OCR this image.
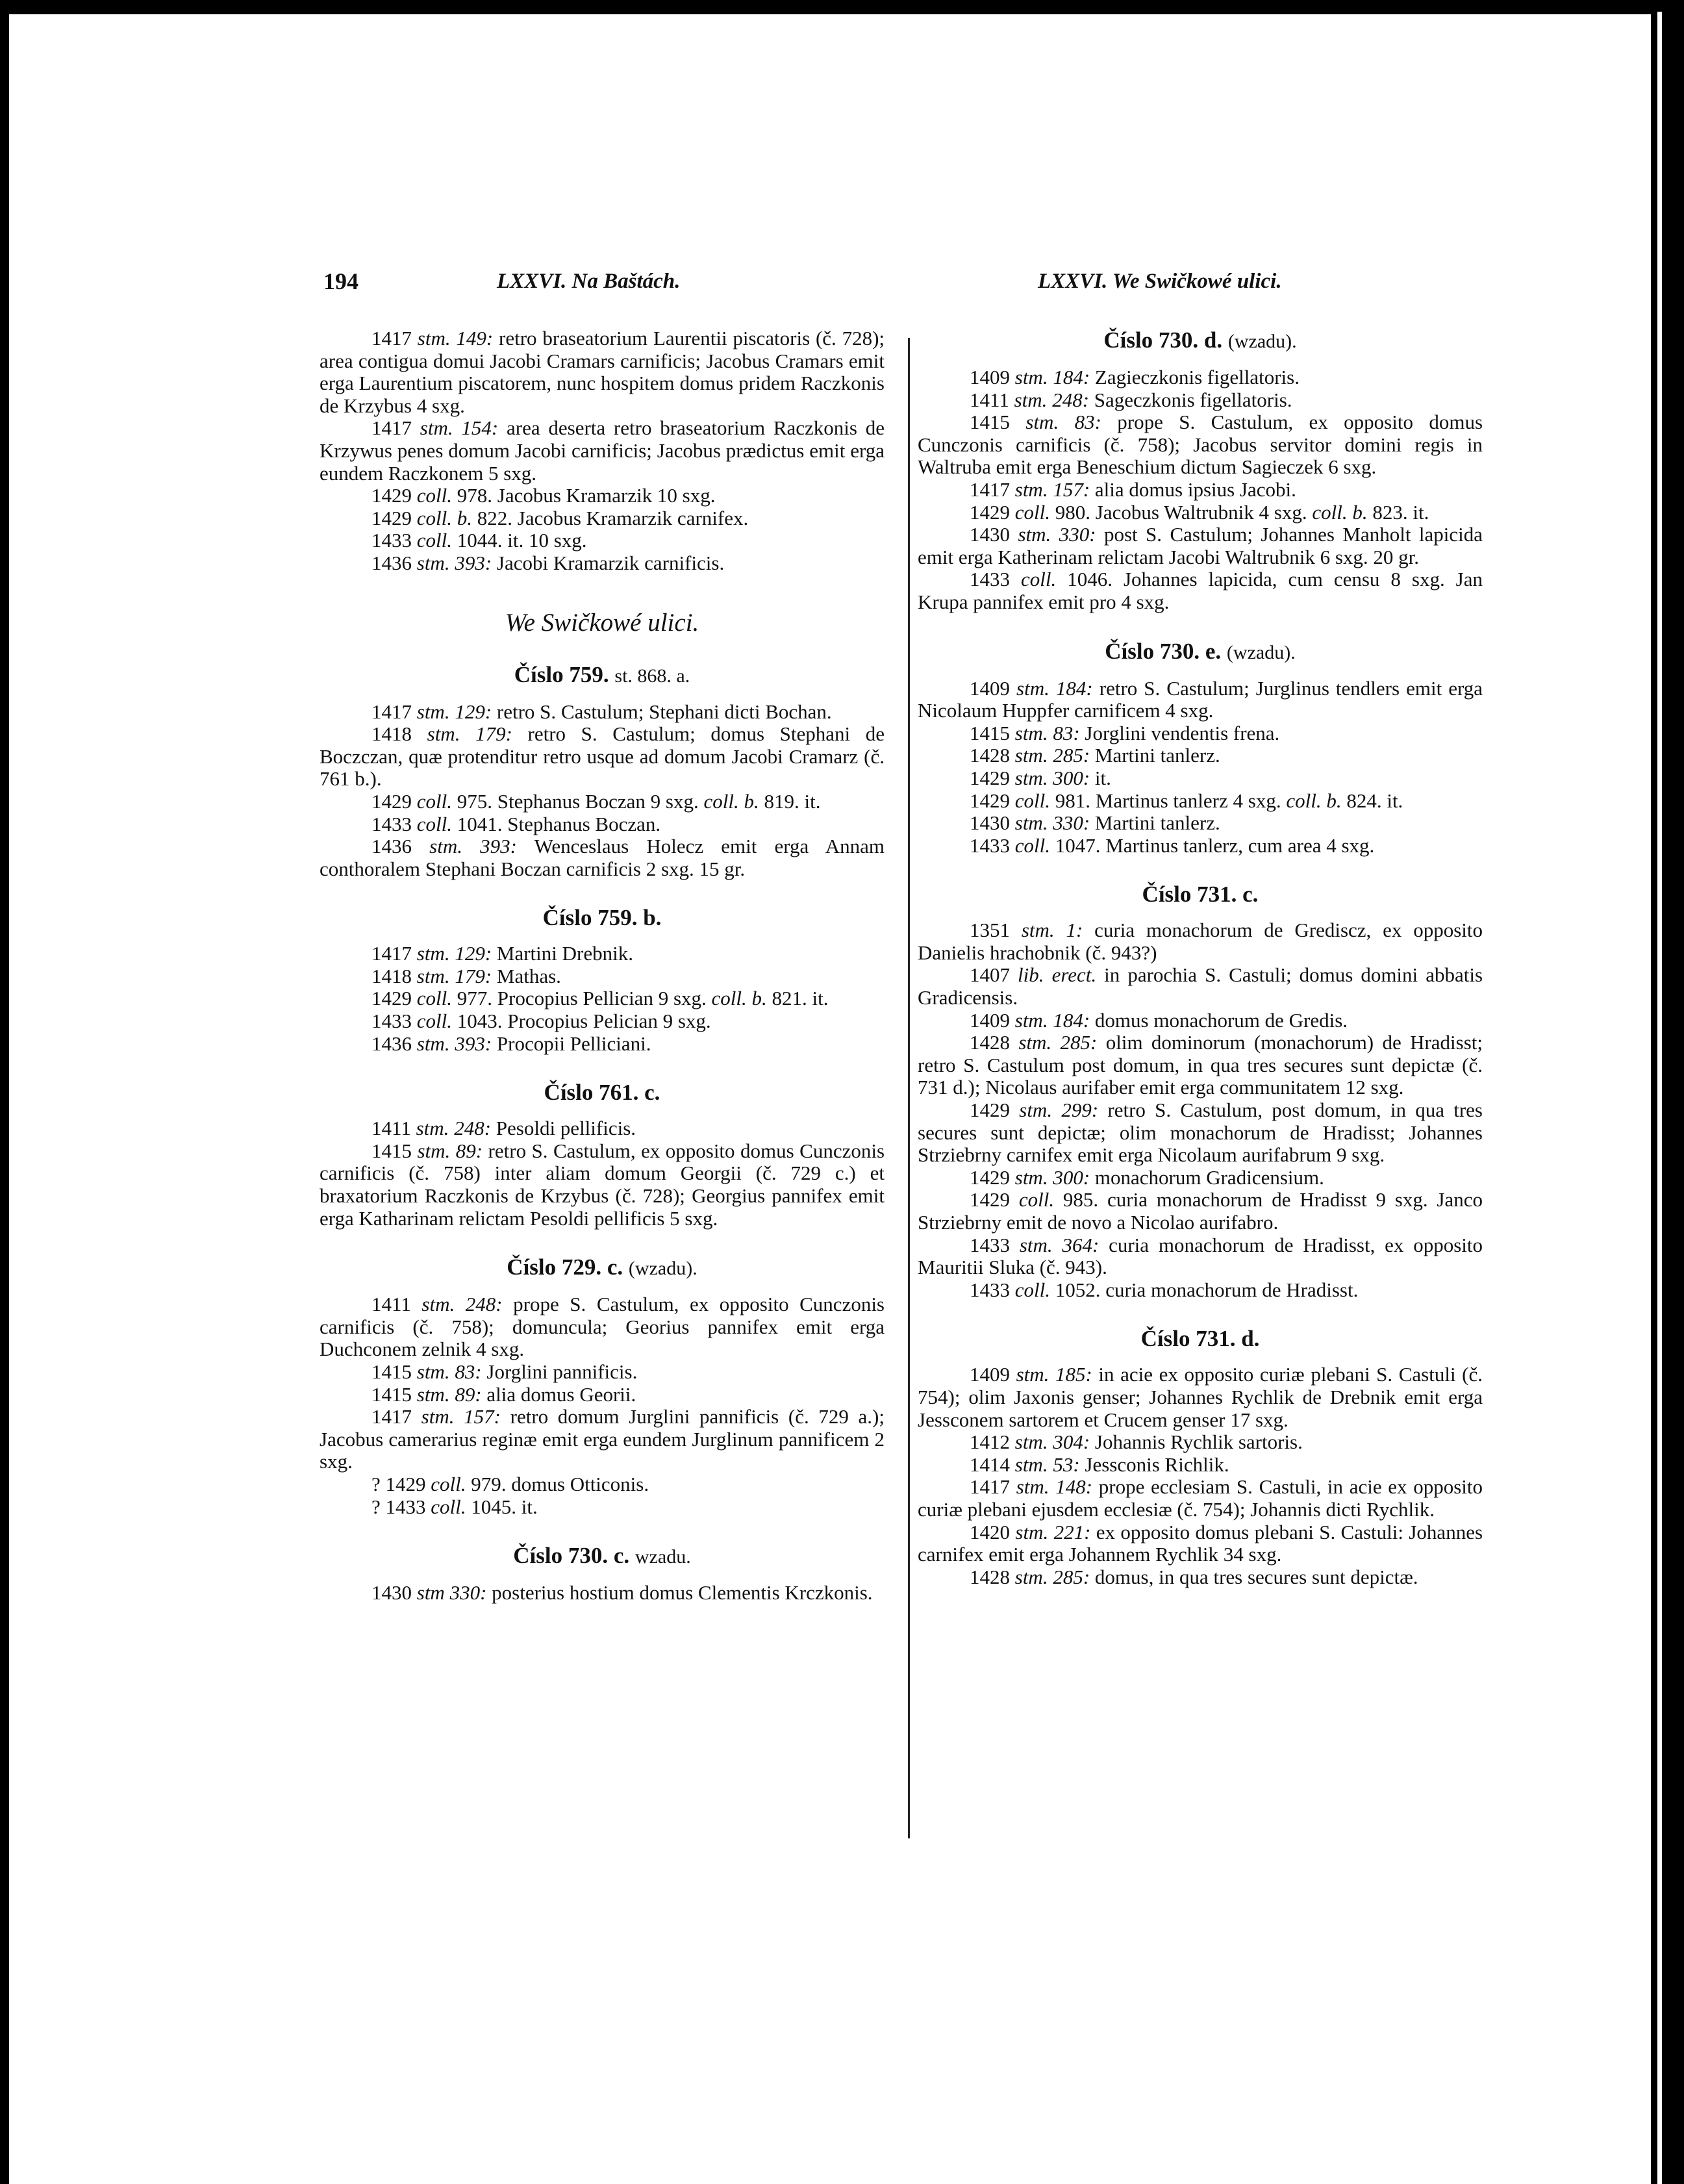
194	LXXVI. Na Baštách.	LXXVI. We Swičkowé ulici.

1417 stm. 149: retro braseatorium Laurentii piscatoris (č. 728); area contigua domui Jacobi Cramars carnificis; Jacobus Cramars emit erga Laurentium piscatorem, nunc hospitem domus pridem Raczkonis de Krzybus 4 sxg.

1417 stm. 154: area deserta retro braseatorium Raczkonis de Krzywus penes domum Jacobi carnificis; Jacobus prædictus emit erga eundem Raczkonem 5 sxg.

1429 coll. 978. Jacobus Kramarzik 10 sxg.

1429 coll. b. 822. Jacobus Kramarzik carnifex.

1433 coll. 1044. it. 10 sxg.

1436 stm. 393: Jacobi Kramarzik carnificis.

We Swičkowé ulici.
Číslo 759. st. 868. a.

1417 stm. 129: retro S. Castulum; Stephani dicti Bochan.

1418 stm. 179: retro S. Castulum; domus Stephani de Boczczan, quæ protenditur retro usque ad domum Jacobi Cramarz (č. 761 b.).

1429 coll. 975. Stephanus Boczan 9 sxg. coll. b. 819. it.

1433 coll. 1041. Stephanus Boczan.

1436 stm. 393: Wenceslaus Holecz emit erga Annam conthoralem Stephani Boczan carnificis 2 sxg. 15 gr.

Číslo 759. b.

1417 stm. 129: Martini Drebnik.

1418 stm. 179: Mathas.

1429 coll. 977. Procopius Pellician 9 sxg. coll. b. 821. it.

1433 coll. 1043. Procopius Pelician 9 sxg.

1436 stm. 393: Procopii Pelliciani.

Číslo 761. c.

1411 stm. 248: Pesoldi pellificis.

1415 stm. 89: retro S. Castulum, ex opposito domus Cunczonis carnificis (č. 758) inter aliam domum Georgii (č. 729 c.) et braxatorium Raczkonis de Krzybus (č. 728); Georgius pannifex emit erga Katharinam relictam Pesoldi pellificis 5 sxg.

Číslo 729. c. (wzadu).

1411 stm. 248: prope S. Castulum, ex opposito Cunczonis carnificis (č. 758); domuncula; Georius pannifex emit erga Duchconem zelnik 4 sxg.

1415 stm. 83: Jorglini pannificis.

1415 stm. 89: alia domus Georii.

1417 stm. 157: retro domum Jurglini pannificis (č. 729 a.); Jacobus camerarius reginæ emit erga eundem Jurglinum pannificem 2 sxg.

? 1429 coll. 979. domus Otticonis.

? 1433 coll. 1045. it.

Číslo 730. c. wzadu.

1430 stm 330: posterius hostium domus Clementis Krczkonis.

Číslo 730. d. (wzadu).

1409 stm. 184: Zagieczkonis figellatoris.

1411 stm. 248: Sageczkonis figellatoris.

1415 stm. 83: prope S. Castulum, ex opposito domus Cunczonis carnificis (č. 758); Jacobus servitor domini regis in Waltruba emit erga Beneschium dictum Sagieczek 6 sxg.

1417 stm. 157: alia domus ipsius Jacobi.

1429 coll. 980. Jacobus Waltrubnik 4 sxg. coll. b. 823. it.

1430 stm. 330: post S. Castulum; Johannes Manholt lapicida emit erga Katherinam relictam Jacobi Waltrubnik 6 sxg. 20 gr.

1433 coll. 1046. Johannes lapicida, cum censu 8 sxg. Jan Krupa pannifex emit pro 4 sxg.

Číslo 730. e. (wzadu).

1409 stm. 184: retro S. Castulum; Jurglinus tendlers emit erga Nicolaum Huppfer carnificem 4 sxg.

1415 stm. 83: Jorglini vendentis frena.

1428 stm. 285: Martini tanlerz.

1429 stm. 300: it.

1429 coll. 981. Martinus tanlerz 4 sxg. coll. b. 824. it.

1430 stm. 330: Martini tanlerz.

1433 coll. 1047. Martinus tanlerz, cum area 4 sxg.

Číslo 731. c.

1351 stm. 1: curia monachorum de Grediscz, ex opposito Danielis hrachobnik (č. 943?)

1407 lib. erect. in parochia S. Castuli; domus domini abbatis Gradicensis.

1409 stm. 184: domus monachorum de Gredis.

1428 stm. 285: olim dominorum (monachorum) de Hradisst; retro S. Castulum post domum, in qua tres secures sunt depictæ (č. 731 d.); Nicolaus aurifaber emit erga communitatem 12 sxg.

1429 stm. 299: retro S. Castulum, post domum, in qua tres secures sunt depictæ; olim monachorum de Hradisst; Johannes Strziebrny carnifex emit erga Nicolaum aurifabrum 9 sxg.

1429 stm. 300: monachorum Gradicensium.

1429 coll. 985. curia monachorum de Hradisst 9 sxg. Janco Strziebrny emit de novo a Nicolao aurifabro.

1433 stm. 364: curia monachorum de Hradisst, ex opposito Mauritii Sluka (č. 943).

1433 coll. 1052. curia monachorum de Hradisst.

Číslo 731. d.

1409 stm. 185: in acie ex opposito curiæ plebani S. Castuli (č. 754); olim Jaxonis genser; Johannes Rychlik de Drebnik emit erga Jessconem sartorem et Crucem genser 17 sxg.

1412 stm. 304: Johannis Rychlik sartoris.

1414 stm. 53: Jessconis Richlik.

1417 stm. 148: prope ecclesiam S. Castuli, in acie ex opposito curiæ plebani ejusdem ecclesiæ (č. 754); Johannis dicti Rychlik.

1420 stm. 221: ex opposito domus plebani S. Castuli: Johannes carnifex emit erga Johannem Rychlik 34 sxg.

1428 stm. 285: domus, in qua tres secures sunt depictæ.
